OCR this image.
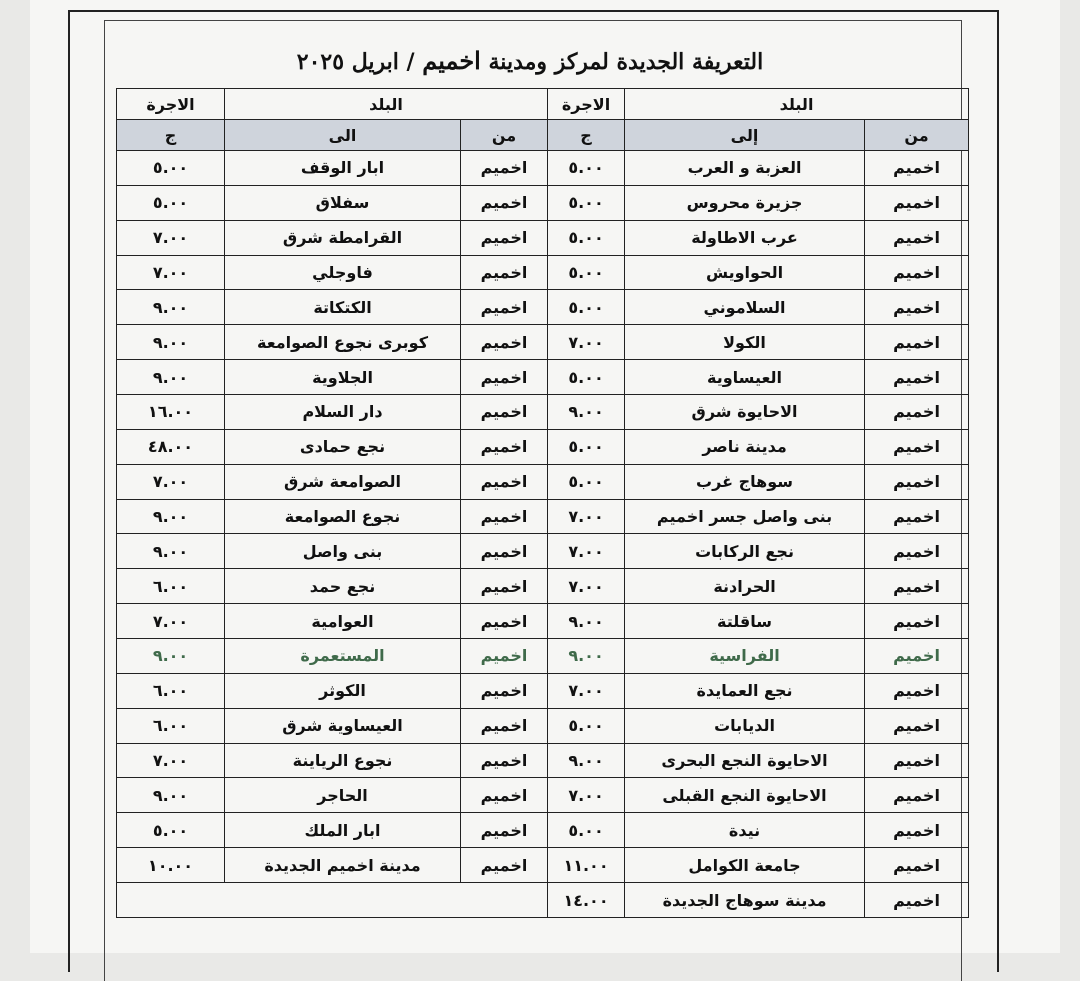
التعريفة الجديدة لمركز ومدينة اخميم / ابريل ٢٠٢٥
البلد		الاجرة	البلد		الاجرة
من	إلى	ج	من	الى	ج
اخميم	العزبة و العرب	٥.٠٠	اخميم	ابار الوقف	٥.٠٠
اخميم	جزيرة محروس	٥.٠٠	اخميم	سفلاق	٥.٠٠
اخميم	عرب الاطاولة	٥.٠٠	اخميم	القرامطة شرق	٧.٠٠
اخميم	الحواويش	٥.٠٠	اخميم	فاوجلي	٧.٠٠
اخميم	السلاموني	٥.٠٠	اخميم	الكتكاتة	٩.٠٠
اخميم	الكولا	٧.٠٠	اخميم	كوبرى نجوع الصوامعة	٩.٠٠
اخميم	العيساوية	٥.٠٠	اخميم	الجلاوية	٩.٠٠
اخميم	الاحايوة شرق	٩.٠٠	اخميم	دار السلام	١٦.٠٠
اخميم	مدينة ناصر	٥.٠٠	اخميم	نجع حمادى	٤٨.٠٠
اخميم	سوهاج غرب	٥.٠٠	اخميم	الصوامعة شرق	٧.٠٠
اخميم	بنى واصل جسر اخميم	٧.٠٠	اخميم	نجوع الصوامعة	٩.٠٠
اخميم	نجع الركابات	٧.٠٠	اخميم	بنى واصل	٩.٠٠
اخميم	الحرادنة	٧.٠٠	اخميم	نجع حمد	٦.٠٠
اخميم	ساقلتة	٩.٠٠	اخميم	العوامية	٧.٠٠
اخميم	الفراسية	٩.٠٠	اخميم	المستعمرة	٩.٠٠
اخميم	نجع العمايدة	٧.٠٠	اخميم	الكوثر	٦.٠٠
اخميم	الديابات	٥.٠٠	اخميم	العيساوية شرق	٦.٠٠
اخميم	الاحايوة النجع البحرى	٩.٠٠	اخميم	نجوع الرياينة	٧.٠٠
اخميم	الاحايوة النجع القبلى	٧.٠٠	اخميم	الحاجر	٩.٠٠
اخميم	نيدة	٥.٠٠	اخميم	ابار الملك	٥.٠٠
اخميم	جامعة الكوامل	١١.٠٠	اخميم	مدينة اخميم الجديدة	١٠.٠٠
اخميم	مدينة سوهاج الجديدة	١٤.٠٠			
